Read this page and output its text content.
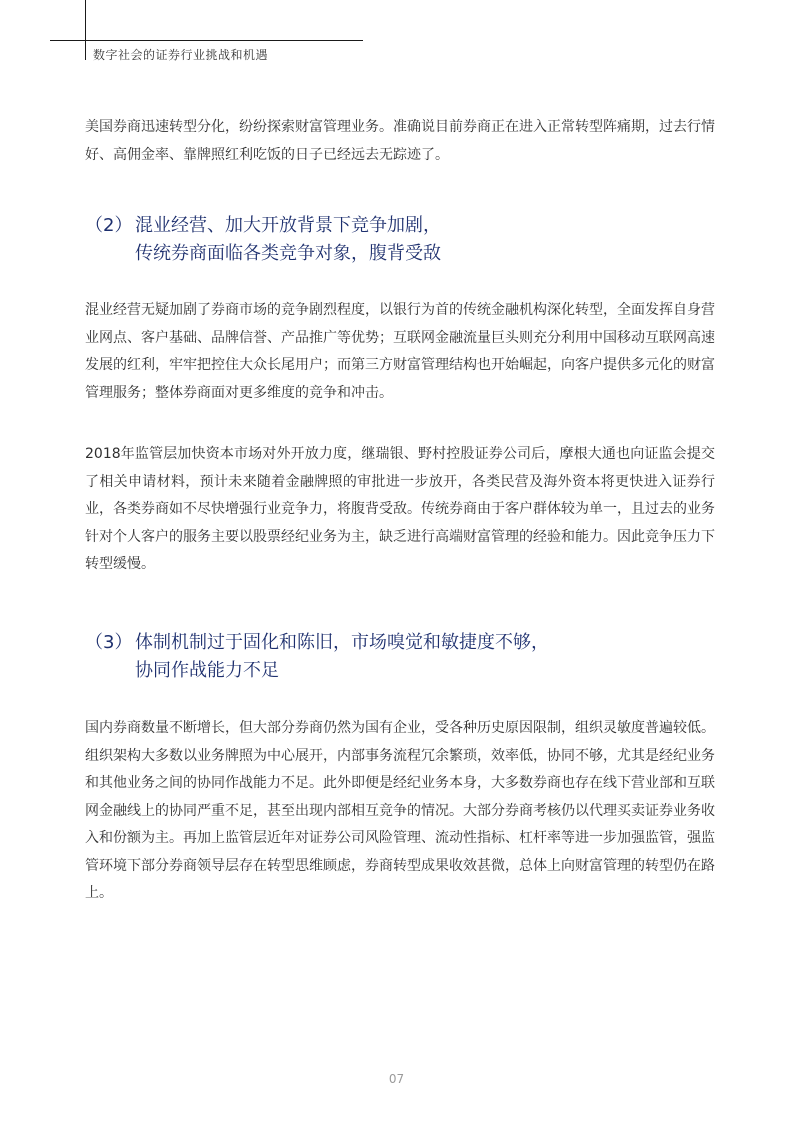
数字社会的证券行业挑战和机遇

美国券商迅速转型分化，纷纷探索财富管理业务。准确说目前券商正在进入正常转型阵痛期，过去行情好、高佣金率、靠牌照红利吃饭的日子已经远去无踪迹了。

（2） 混业经营、加大开放背景下竞争加剧，
传统券商面临各类竞争对象，腹背受敌

混业经营无疑加剧了券商市场的竞争剧烈程度，以银行为首的传统金融机构深化转型，全面发挥自身营业网点、客户基础、品牌信誉、产品推广等优势；互联网金融流量巨头则充分利用中国移动互联网高速发展的红利，牢牢把控住大众长尾用户；而第三方财富管理结构也开始崛起，向客户提供多元化的财富管理服务；整体券商面对更多维度的竞争和冲击。

2018年监管层加快资本市场对外开放力度，继瑞银、野村控股证券公司后，摩根大通也向证监会提交了相关申请材料，预计未来随着金融牌照的审批进一步放开，各类民营及海外资本将更快进入证券行业，各类券商如不尽快增强行业竞争力，将腹背受敌。传统券商由于客户群体较为单一，且过去的业务针对个人客户的服务主要以股票经纪业务为主，缺乏进行高端财富管理的经验和能力。因此竞争压力下转型缓慢。

（3） 体制机制过于固化和陈旧，市场嗅觉和敏捷度不够，
协同作战能力不足

国内券商数量不断增长，但大部分券商仍然为国有企业，受各种历史原因限制，组织灵敏度普遍较低。组织架构大多数以业务牌照为中心展开，内部事务流程冗余繁琐，效率低，协同不够，尤其是经纪业务和其他业务之间的协同作战能力不足。此外即便是经纪业务本身，大多数券商也存在线下营业部和互联网金融线上的协同严重不足，甚至出现内部相互竞争的情况。大部分券商考核仍以代理买卖证券业务收入和份额为主。再加上监管层近年对证券公司风险管理、流动性指标、杠杆率等进一步加强监管，强监管环境下部分券商领导层存在转型思维顾虑，券商转型成果收效甚微，总体上向财富管理的转型仍在路上。

07
